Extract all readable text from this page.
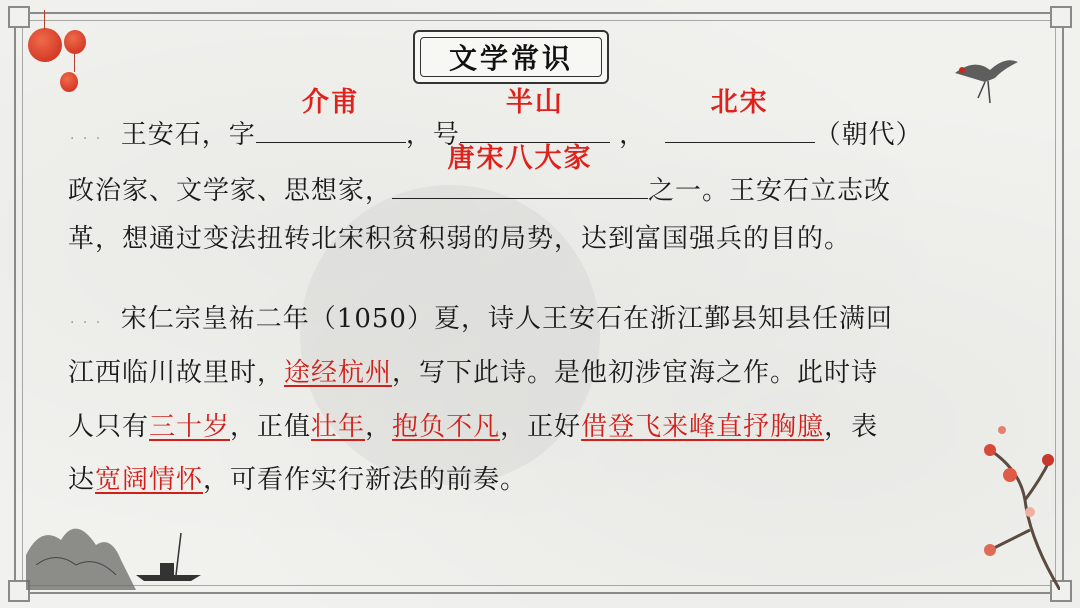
文学常识
· · · 王安石，字
介甫
，号
半山
，
北宋
（朝代）
政治家、文学家、思想家，
唐宋八大家
之一。王安石立志改
革，想通过变法扭转北宋积贫积弱的局势，达到富国强兵的目的。
· · · 宋仁宗皇祐二年（1050）夏，诗人王安石在浙江鄞县知县任满回
江西临川故里时，途经杭州，写下此诗。是他初涉宦海之作。此时诗
人只有三十岁，正值壮年，抱负不凡，正好借登飞来峰直抒胸臆，表
达宽阔情怀，可看作实行新法的前奏。
